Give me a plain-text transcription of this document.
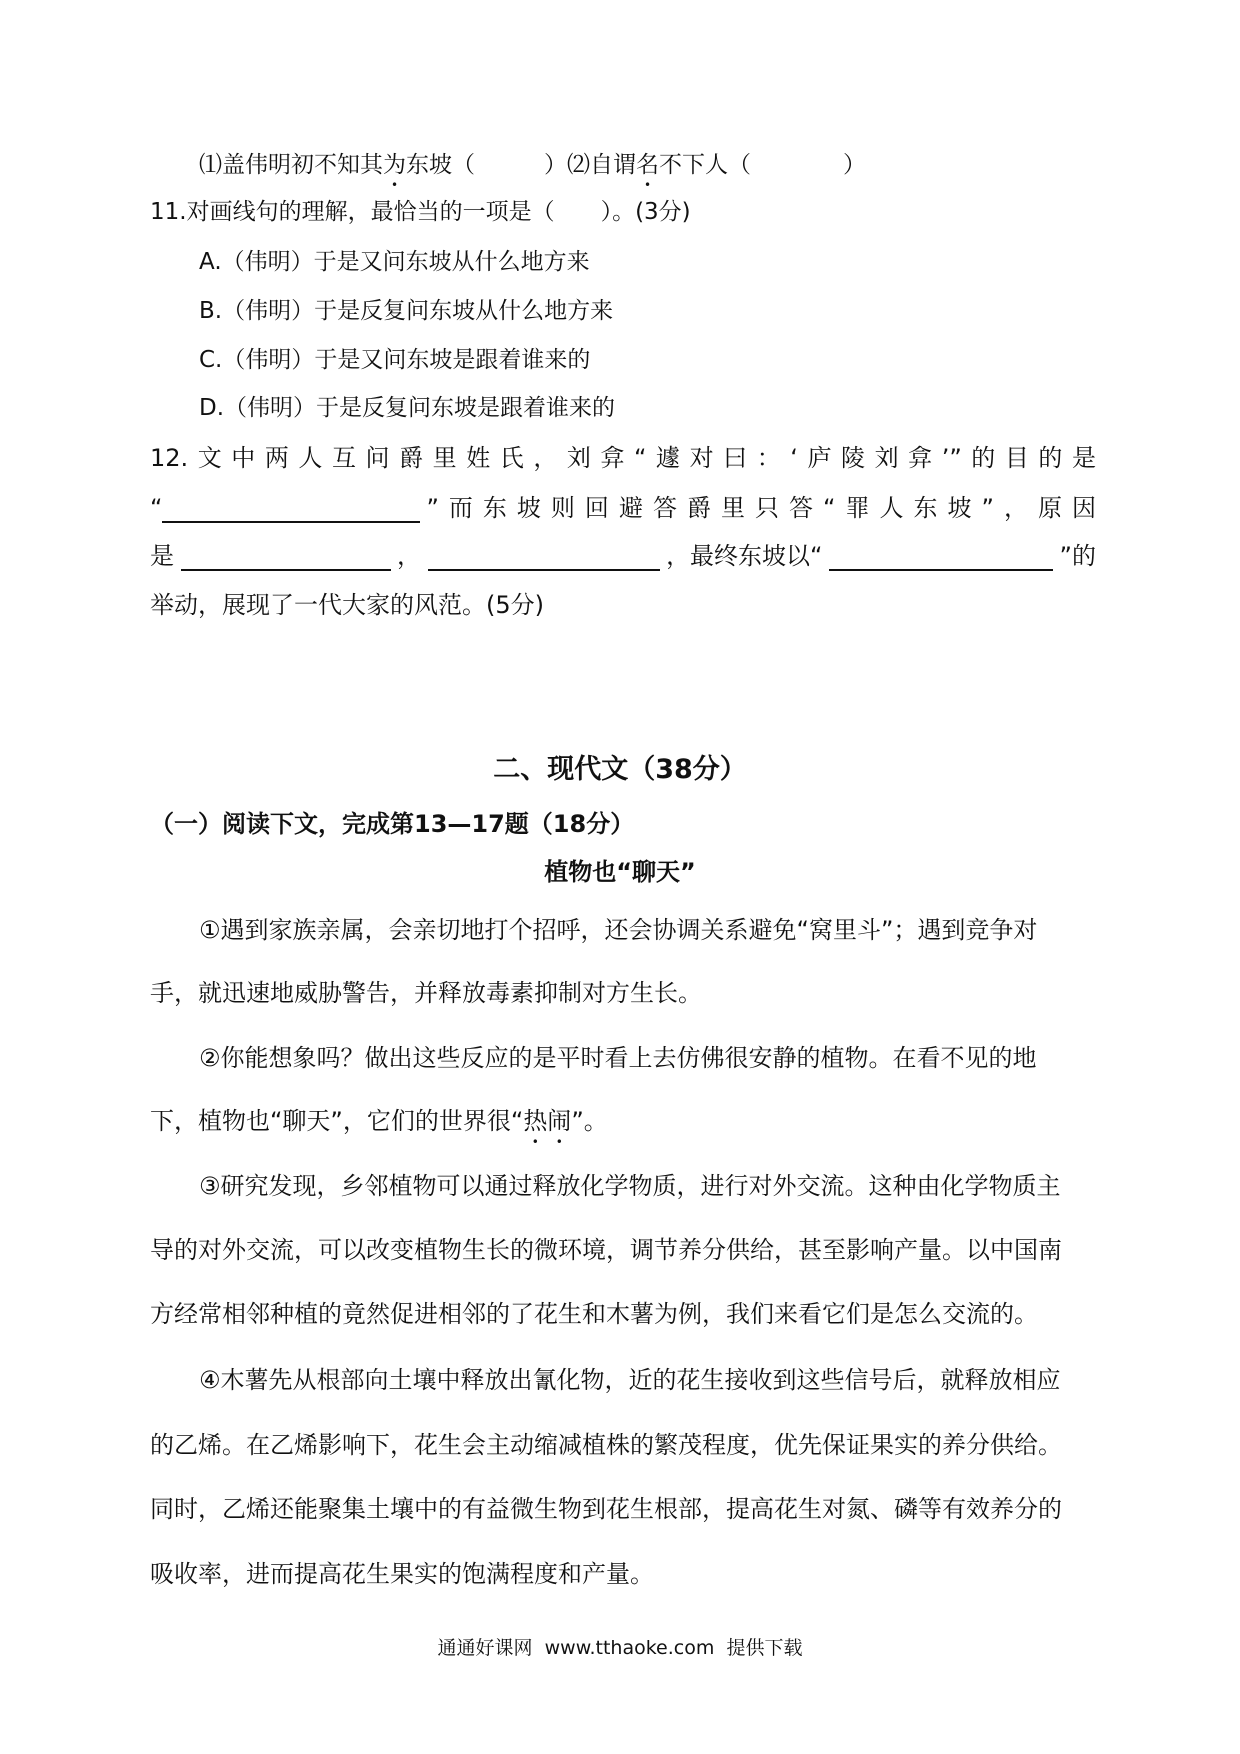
⑴盖伟明初不知其为东坡（　　　）⑵自谓名不下人（　　　　）
11.对画线句的理解，最恰当的一项是（　　）。(3分)
A.（伟明）于是又问东坡从什么地方来
B.（伟明）于是反复问东坡从什么地方来
C.（伟明）于是又问东坡是跟着谁来的
D.（伟明）于是反复问东坡是跟着谁来的
12.文中两人互问爵里姓氏，刘弇“遽对曰：‘庐陵刘弇’”的目的是
“	”而东坡则回避答爵里只答“罪人东坡”，原因
是	，	，最终东坡以“	”的
举动，展现了一代大家的风范。(5分)
二、现代文（38分）
（一）阅读下文，完成第13—17题（18分）
植物也“聊天”
①遇到家族亲属，会亲切地打个招呼，还会协调关系避免“窝里斗”；遇到竞争对
手，就迅速地威胁警告，并释放毒素抑制对方生长。
②你能想象吗？做出这些反应的是平时看上去仿佛很安静的植物。在看不见的地
下，植物也“聊天”，它们的世界很“热闹”。
③研究发现，乡邻植物可以通过释放化学物质，进行对外交流。这种由化学物质主
导的对外交流，可以改变植物生长的微环境，调节养分供给，甚至影响产量。以中国南
方经常相邻种植的竟然促进相邻的了花生和木薯为例，我们来看它们是怎么交流的。
④木薯先从根部向土壤中释放出氰化物，近的花生接收到这些信号后，就释放相应
的乙烯。在乙烯影响下，花生会主动缩减植株的繁茂程度，优先保证果实的养分供给。
同时，乙烯还能聚集土壤中的有益微生物到花生根部，提高花生对氮、磷等有效养分的
吸收率，进而提高花生果实的饱满程度和产量。
通通好课网  www.tthaoke.com  提供下载
